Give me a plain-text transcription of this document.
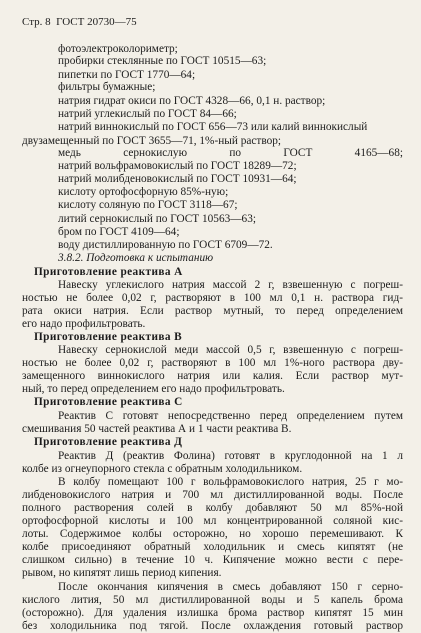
Стр. 8  ГОСТ 20730—75
фотоэлектроколориметр;
пробирки стеклянные по ГОСТ 10515—63;
пипетки по ГОСТ 1770—64;
фильтры бумажные;
натрия гидрат окиси по ГОСТ 4328—66, 0,1 н. раствор;
натрий углекислый по ГОСТ 84—66;
натрий виннокислый по ГОСТ 656—73 или калий виннокислый
двузамещенный по ГОСТ 3655—71, 1%-ный раствор;
медь сернокислую по ГОСТ 4165—68;
натрий вольфрамовокислый по ГОСТ 18289—72;
натрий молибденовокислый по ГОСТ 10931—64;
кислоту ортофосфорную 85%-ную;
кислоту соляную по ГОСТ 3118—67;
литий сернокислый по ГОСТ 10563—63;
бром по ГОСТ 4109—64;
воду дистиллированную по ГОСТ 6709—72.
3.8.2. Подготовка к испытанию
Приготовление реактива А
Навеску углекислого натрия массой 2 г, взвешенную с погреш-
ностью не более 0,02 г, растворяют в 100 мл 0,1 н. раствора гид-
рата окиси натрия. Если раствор мутный, то перед определением
его надо профильтровать.
Приготовление реактива В
Навеску сернокислой меди массой 0,5 г, взвешенную с погреш-
ностью не более 0,02 г, растворяют в 100 мл 1%-ного раствора дву-
замещенного виннокислого натрия или калия. Если раствор мут-
ный, то перед определением его надо профильтровать.
Приготовление реактива С
Реактив С готовят непосредственно перед определением путем
смешивания 50 частей реактива А и 1 части реактива В.
Приготовление реактива Д
Реактив Д (реактив Фолина) готовят в круглодонной на 1 л
колбе из огнеупорного стекла с обратным холодильником.
В колбу помещают 100 г вольфрамовокислого натрия, 25 г мо-
либденовокислого натрия и 700 мл дистиллированной воды. После
полного растворения солей в колбу добавляют 50 мл 85%-ной
ортофосфорной кислоты и 100 мл концентрированной соляной кис-
лоты. Содержимое колбы осторожно, но хорошо перемешивают. К
колбе присоединяют обратный холодильник и смесь кипятят (не
слишком сильно) в течение 10 ч. Кипячение можно вести с пере-
рывом, но кипятят лишь период кипения.
После окончания кипячения в смесь добавляют 150 г серно-
кислого лития, 50 мл дистиллированной воды и 5 капель брома
(осторожно). Для удаления излишка брома раствор кипятят 15 мин
без холодильника под тягой. После охлаждения готовый раствор
